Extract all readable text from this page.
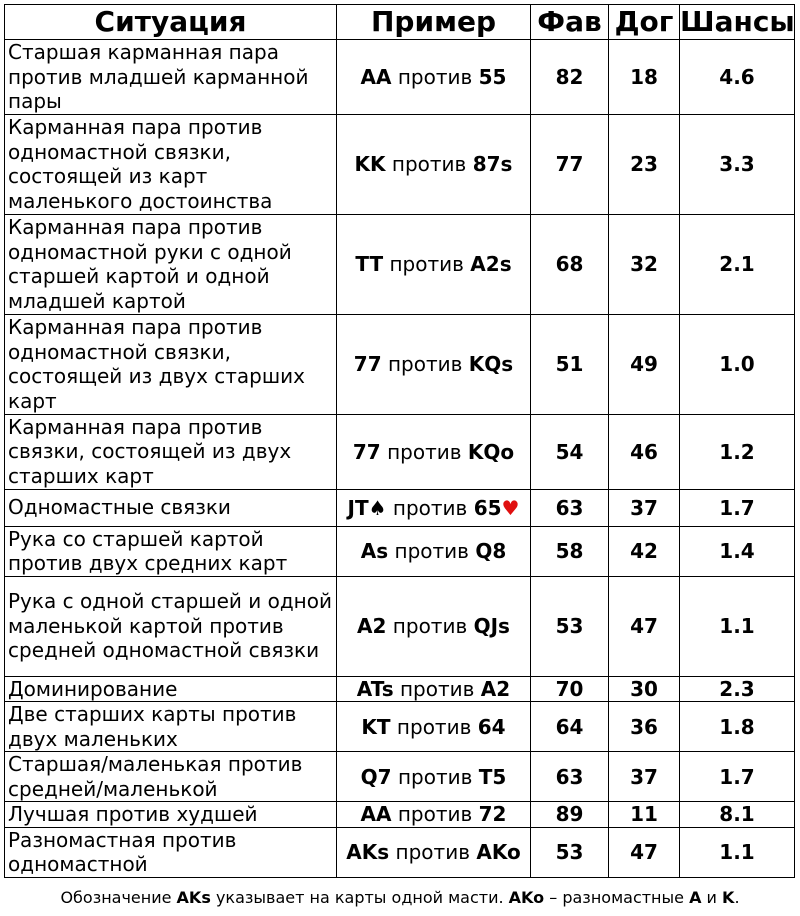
Ситуация	Пример	Фав	Дог	Шансы
Старшая карманная пара против младшей карманной пары	AA против 55	82	18	4.6
Карманная пара против одномастной связки, состоящей из карт маленького достоинства	KK против 87s	77	23	3.3
Карманная пара против одномастной руки с одной старшей картой и одной младшей картой	TT против A2s	68	32	2.1
Карманная пара против одномастной связки, состоящей из двух старших карт	77 против KQs	51	49	1.0
Карманная пара против связки, состоящей из двух старших карт	77 против KQo	54	46	1.2
Одномастные связки	JT♠ против 65♥	63	37	1.7
Рука со старшей картой против двух средних карт	As против Q8	58	42	1.4
Рука с одной старшей и одной маленькой картой против средней одномастной связки	A2 против QJs	53	47	1.1
Доминирование	ATs против A2	70	30	2.3
Две старших карты против двух маленьких	KT против 64	64	36	1.8
Старшая/маленькая против средней/маленькой	Q7 против T5	63	37	1.7
Лучшая против худшей	AA против 72	89	11	8.1
Разномастная против одномастной	AKs против AKo	53	47	1.1
Обозначение AKs указывает на карты одной масти. AKo – разномастные A и K.
